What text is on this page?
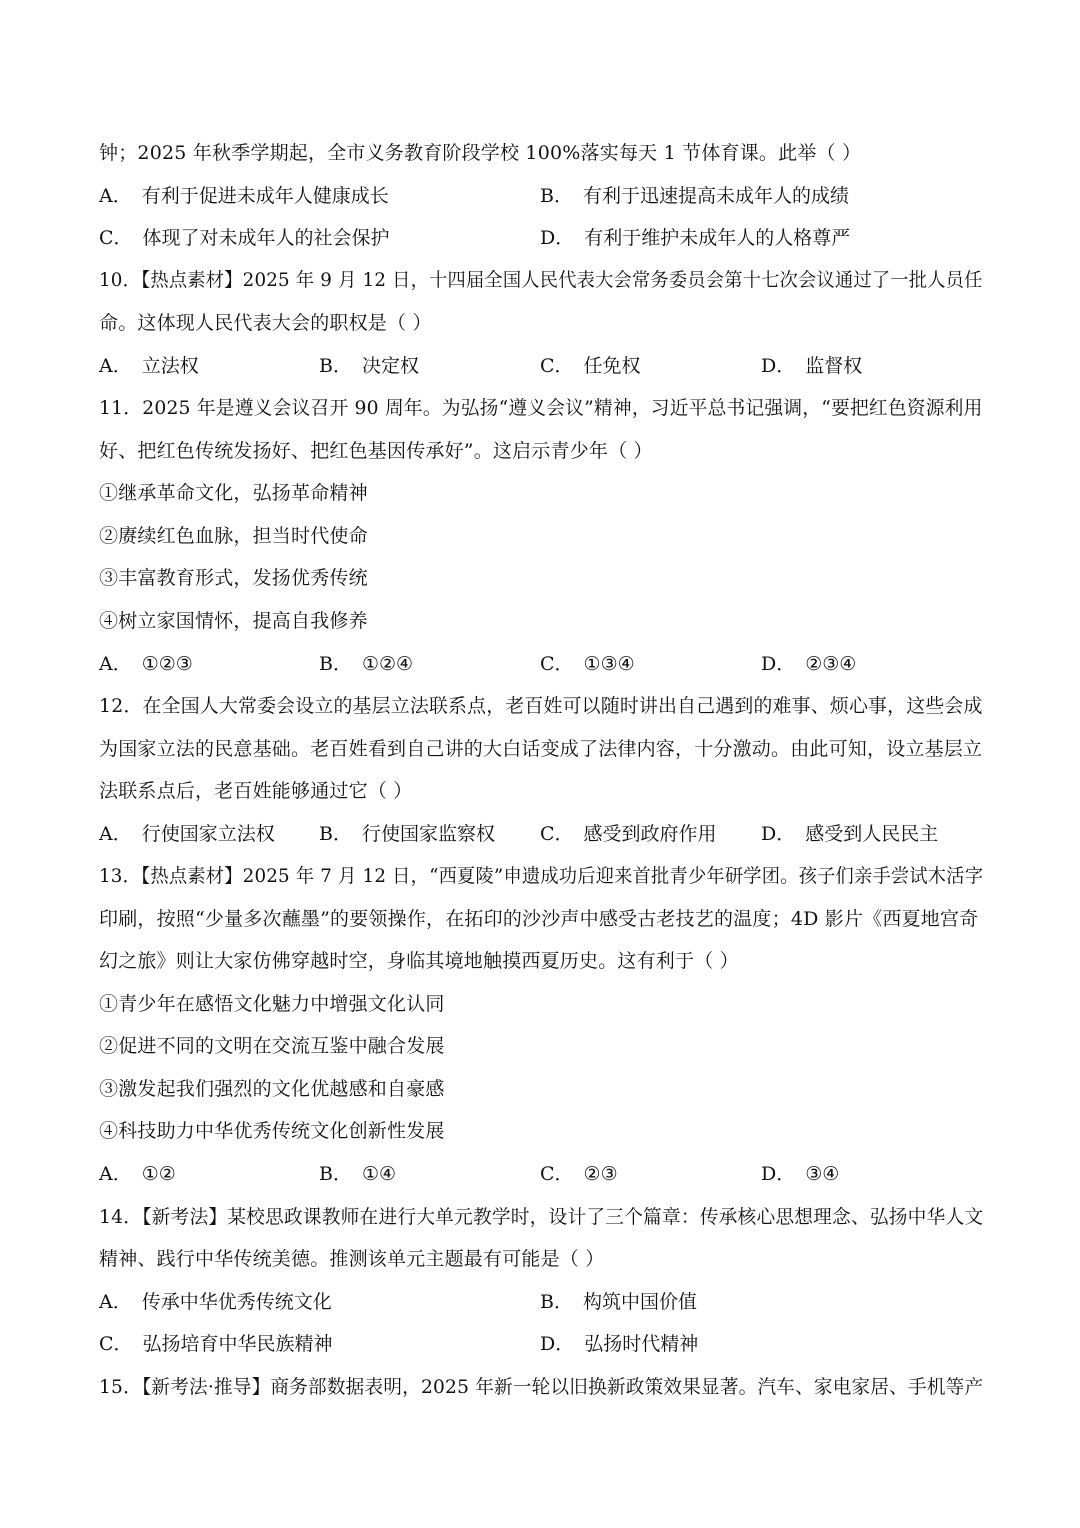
钟；2025 年秋季学期起，全市义务教育阶段学校 100%落实每天 1 节体育课。此举（ ）
A． 有利于促进未成年人健康成长	B． 有利于迅速提高未成年人的成绩
C． 体现了对未成年人的社会保护	D． 有利于维护未成年人的人格尊严
10．【热点素材】2025 年 9 月 12 日，十四届全国人民代表大会常务委员会第十七次会议通过了一批人员任
命。这体现人民代表大会的职权是（ ）
A． 立法权	B． 决定权	C． 任免权	D． 监督权
11．2025 年是遵义会议召开 90 周年。为弘扬“遵义会议”精神，习近平总书记强调，“要把红色资源利用
好、把红色传统发扬好、把红色基因传承好”。这启示青少年（ ）
①继承革命文化，弘扬革命精神
②赓续红色血脉，担当时代使命
③丰富教育形式，发扬优秀传统
④树立家国情怀，提高自我修养
A． ①②③	B． ①②④	C． ①③④	D． ②③④
12．在全国人大常委会设立的基层立法联系点，老百姓可以随时讲出自己遇到的难事、烦心事，这些会成
为国家立法的民意基础。老百姓看到自己讲的大白话变成了法律内容，十分激动。由此可知，设立基层立
法联系点后，老百姓能够通过它（ ）
A． 行使国家立法权 B． 行使国家监察权 C． 感受到政府作用 D． 感受到人民民主
13．【热点素材】2025 年 7 月 12 日，“西夏陵”申遗成功后迎来首批青少年研学团。孩子们亲手尝试木活字
印刷，按照“少量多次蘸墨”的要领操作，在拓印的沙沙声中感受古老技艺的温度；4D 影片《西夏地宫奇
幻之旅》则让大家仿佛穿越时空，身临其境地触摸西夏历史。这有利于（ ）
①青少年在感悟文化魅力中增强文化认同
②促进不同的文明在交流互鉴中融合发展
③激发起我们强烈的文化优越感和自豪感
④科技助力中华优秀传统文化创新性发展
A． ①②	B． ①④	C． ②③	D． ③④
14．【新考法】某校思政课教师在进行大单元教学时，设计了三个篇章：传承核心思想理念、弘扬中华人文
精神、践行中华传统美德。推测该单元主题最有可能是（ ）
A． 传承中华优秀传统文化	B． 构筑中国价值
C． 弘扬培育中华民族精神	D． 弘扬时代精神
15．【新考法·推导】商务部数据表明，2025 年新一轮以旧换新政策效果显著。汽车、家电家居、手机等产
